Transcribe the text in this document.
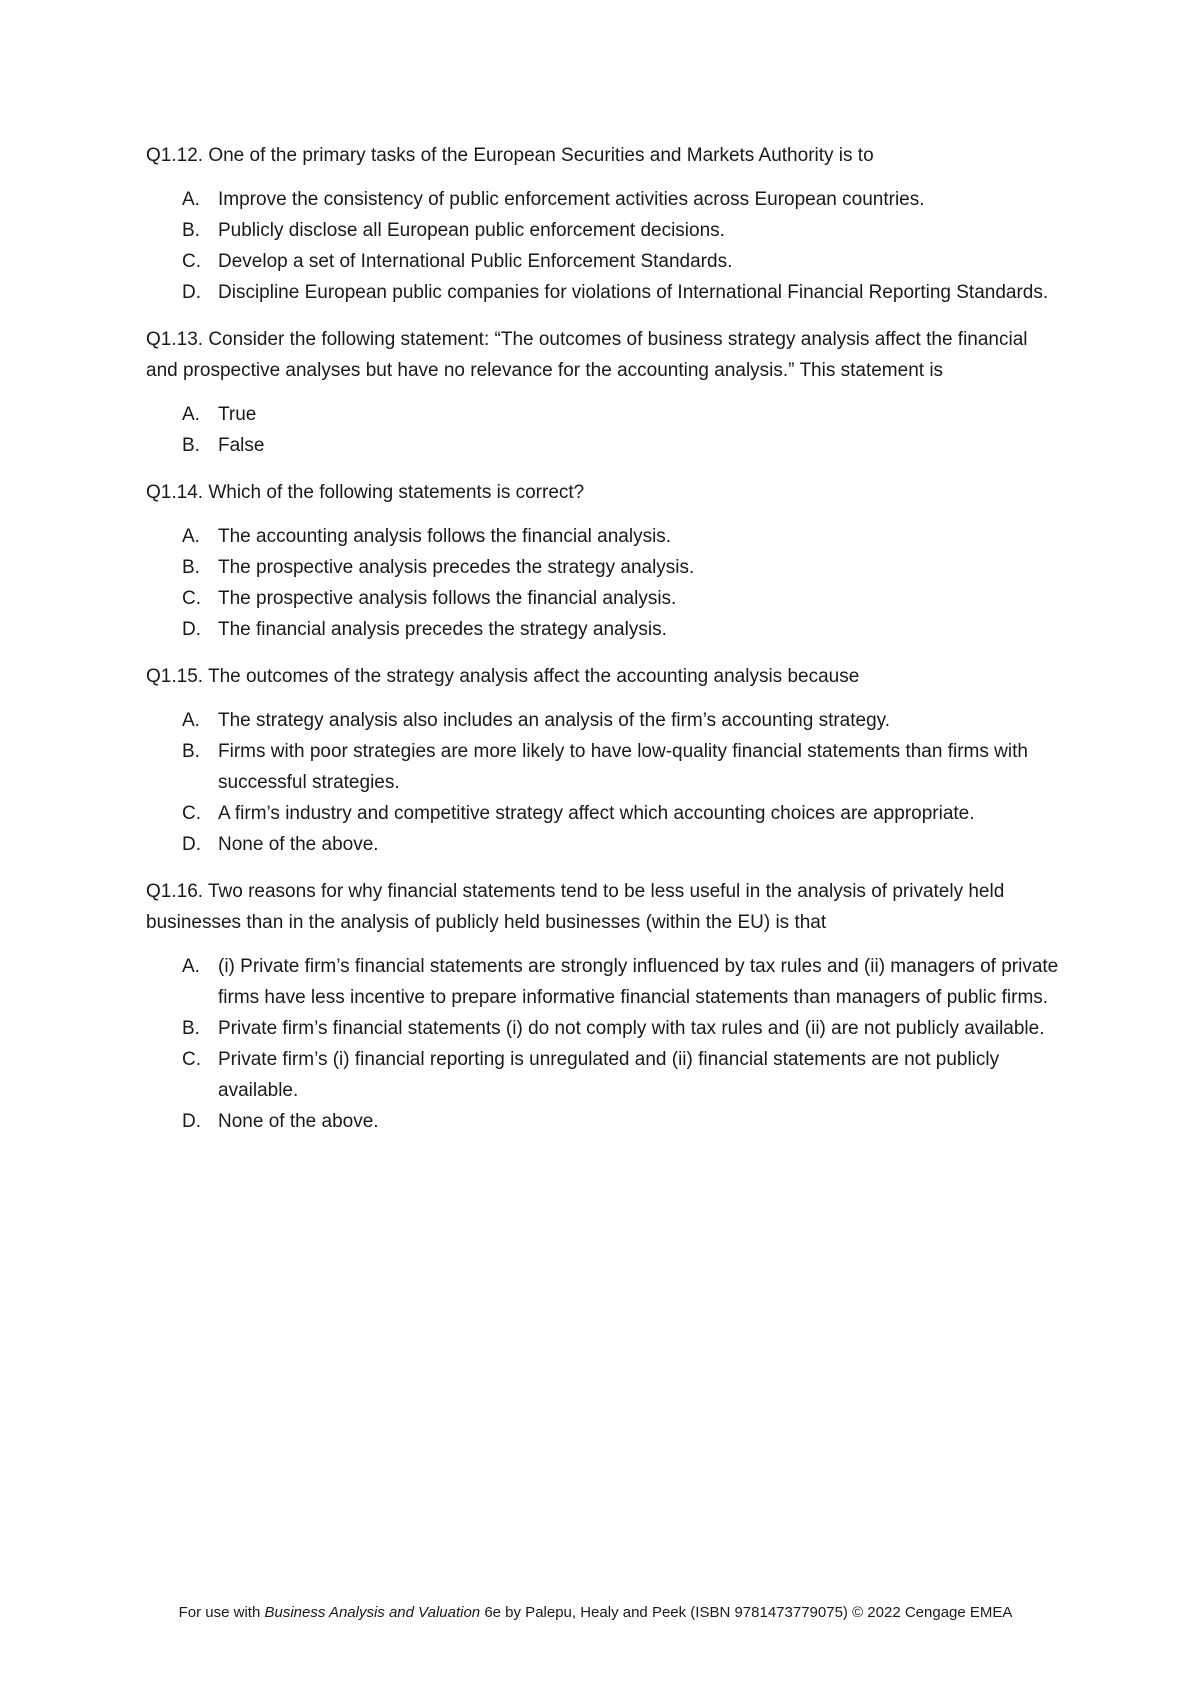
Q1.12. One of the primary tasks of the European Securities and Markets Authority is to

A. Improve the consistency of public enforcement activities across European countries.
B. Publicly disclose all European public enforcement decisions.
C. Develop a set of International Public Enforcement Standards.
D. Discipline European public companies for violations of International Financial Reporting Standards.

Q1.13. Consider the following statement: “The outcomes of business strategy analysis affect the financial and prospective analyses but have no relevance for the accounting analysis.” This statement is

A. True
B. False

Q1.14. Which of the following statements is correct?

A. The accounting analysis follows the financial analysis.
B. The prospective analysis precedes the strategy analysis.
C. The prospective analysis follows the financial analysis.
D. The financial analysis precedes the strategy analysis.

Q1.15. The outcomes of the strategy analysis affect the accounting analysis because

A. The strategy analysis also includes an analysis of the firm’s accounting strategy.
B. Firms with poor strategies are more likely to have low-quality financial statements than firms with successful strategies.
C. A firm’s industry and competitive strategy affect which accounting choices are appropriate.
D. None of the above.

Q1.16. Two reasons for why financial statements tend to be less useful in the analysis of privately held businesses than in the analysis of publicly held businesses (within the EU) is that

A. (i) Private firm’s financial statements are strongly influenced by tax rules and (ii) managers of private firms have less incentive to prepare informative financial statements than managers of public firms.
B. Private firm’s financial statements (i) do not comply with tax rules and (ii) are not publicly available.
C. Private firm’s (i) financial reporting is unregulated and (ii) financial statements are not publicly available.
D. None of the above.
For use with Business Analysis and Valuation 6e by Palepu, Healy and Peek (ISBN 9781473779075) © 2022 Cengage EMEA
